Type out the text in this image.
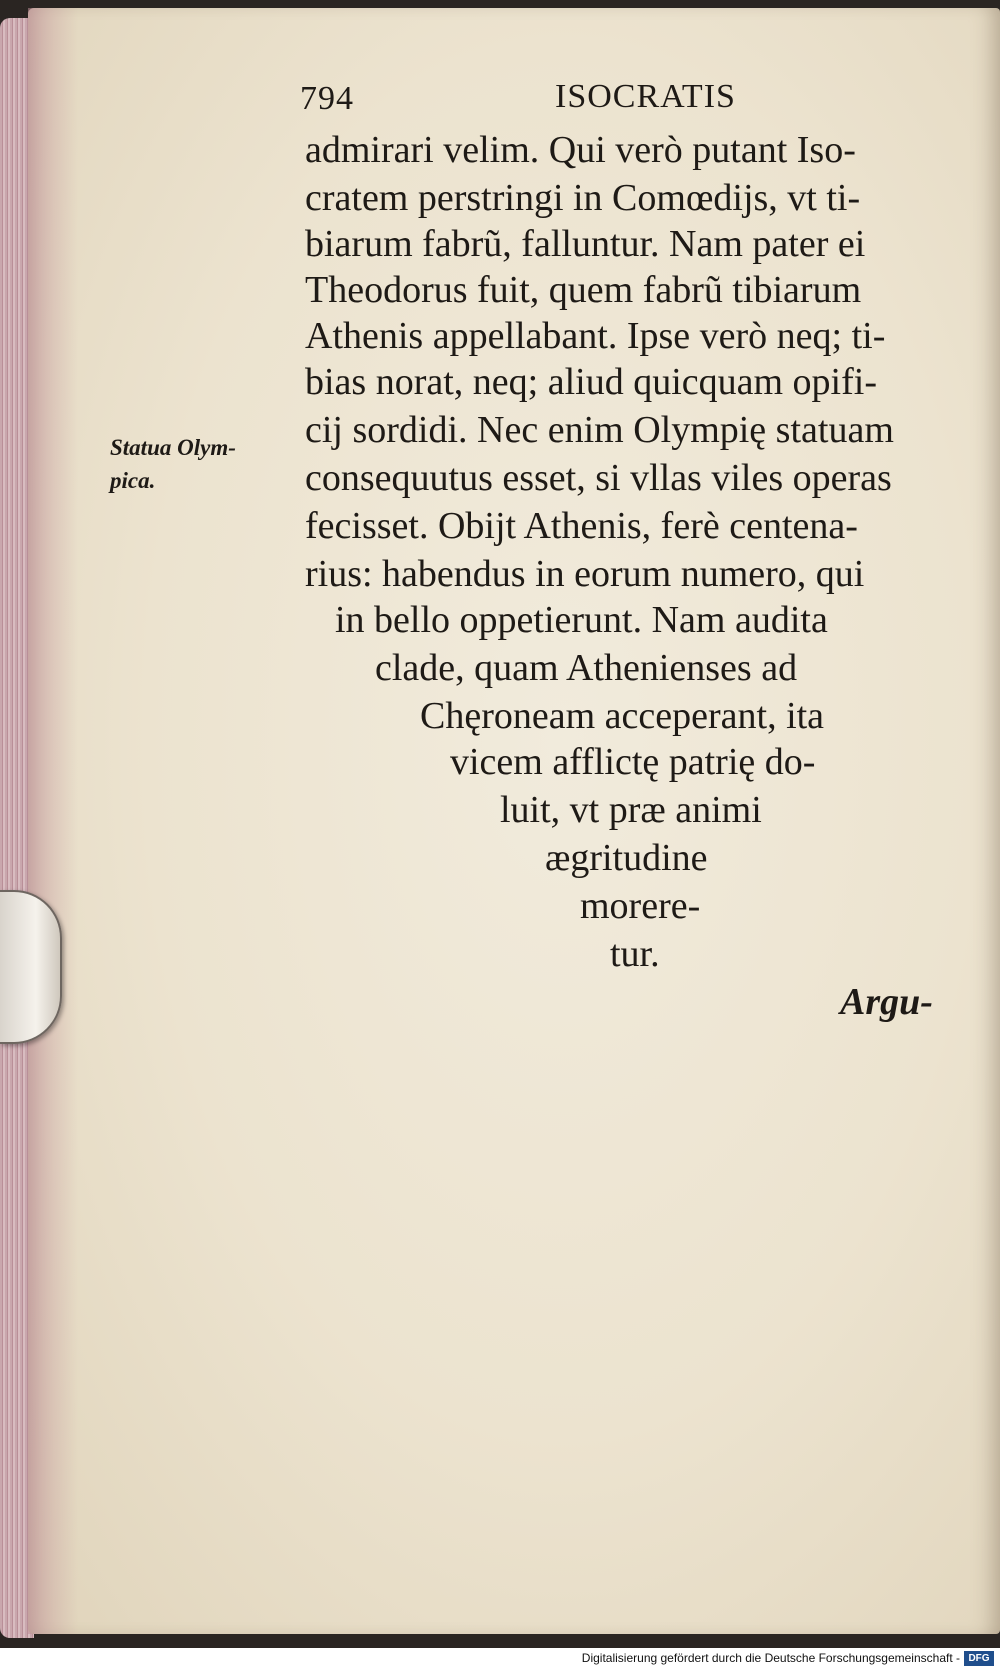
794	ISOCRATIS
admirari velim. Qui verò putant Iso-
cratem perstringi in Comœdijs, vt ti-
biarum fabrũ, falluntur. Nam pater ei
Theodorus fuit, quem fabrũ tibiarum
Athenis appellabant. Ipse verò neq; ti-
bias norat, neq; aliud quicquam opifi-
cij sordidi. Nec enim Olympię statuam
consequutus esset, si vllas viles operas
fecisset. Obijt Athenis, ferè centena-
rius: habendus in eorum numero, qui
in bello oppetierunt. Nam audita
clade, quam Athenienses ad
Chęroneam acceperant, ita
vicem afflictę patrię do-
luit, vt præ animi
ægritudine
morere-
tur.
Statua Olym-
pica.
Argu-
Digitalisierung gefördert durch die Deutsche Forschungsgemeinschaft - DFG
